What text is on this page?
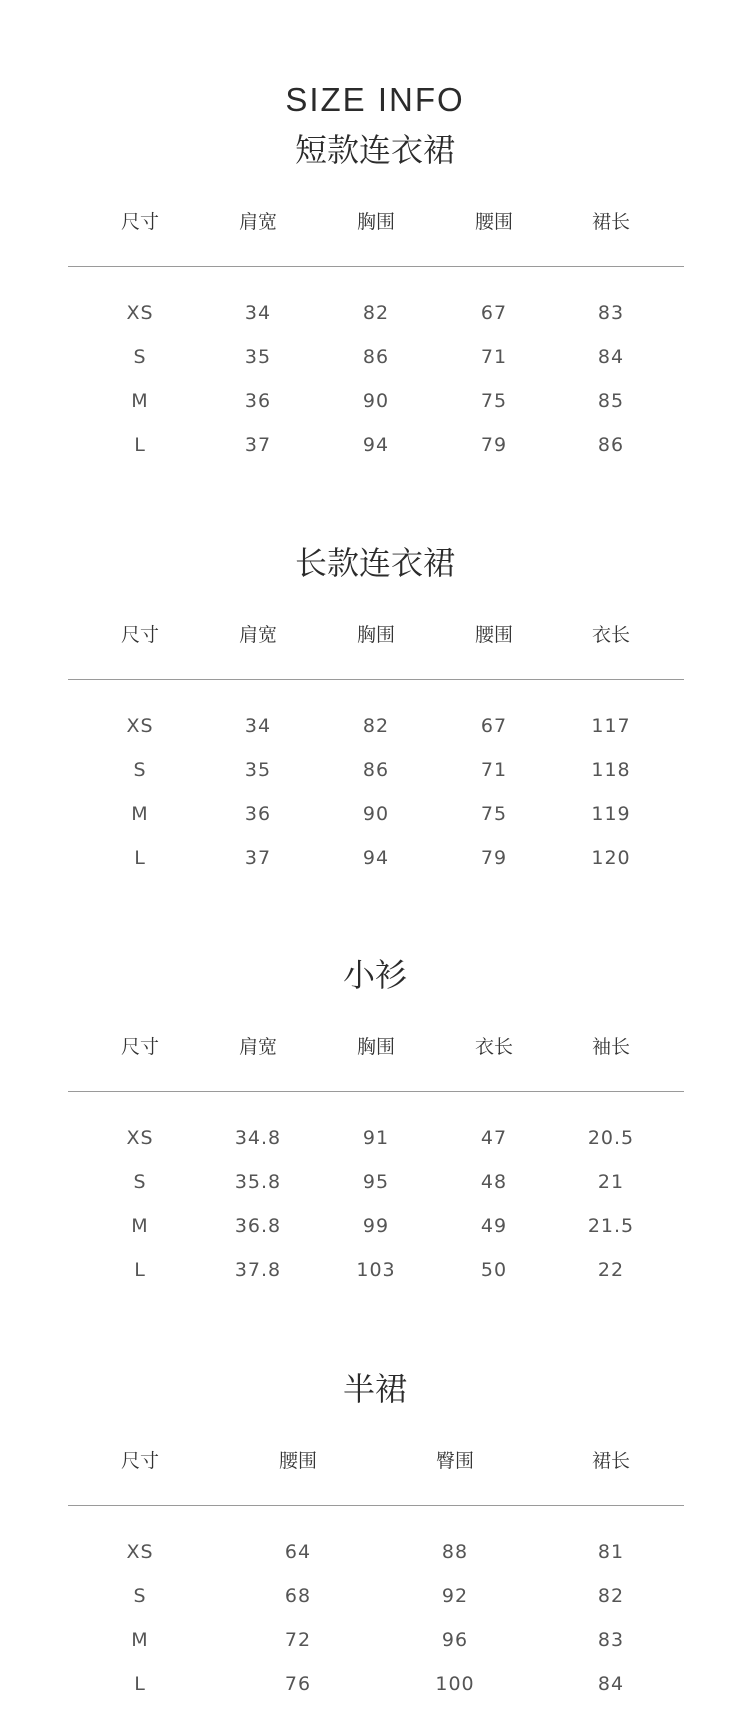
SIZE INFO
短款连衣裙
尺寸	肩宽	胸围	腰围	裙长
XS	34	82	67	83
S	35	86	71	84
M	36	90	75	85
L	37	94	79	86
长款连衣裙
尺寸	肩宽	胸围	腰围	衣长
XS	34	82	67	117
S	35	86	71	118
M	36	90	75	119
L	37	94	79	120
小衫
尺寸	肩宽	胸围	衣长	袖长
XS	34.8	91	47	20.5
S	35.8	95	48	21
M	36.8	99	49	21.5
L	37.8	103	50	22
半裙
尺寸	腰围	臀围	裙长
XS	64	88	81
S	68	92	82
M	72	96	83
L	76	100	84
